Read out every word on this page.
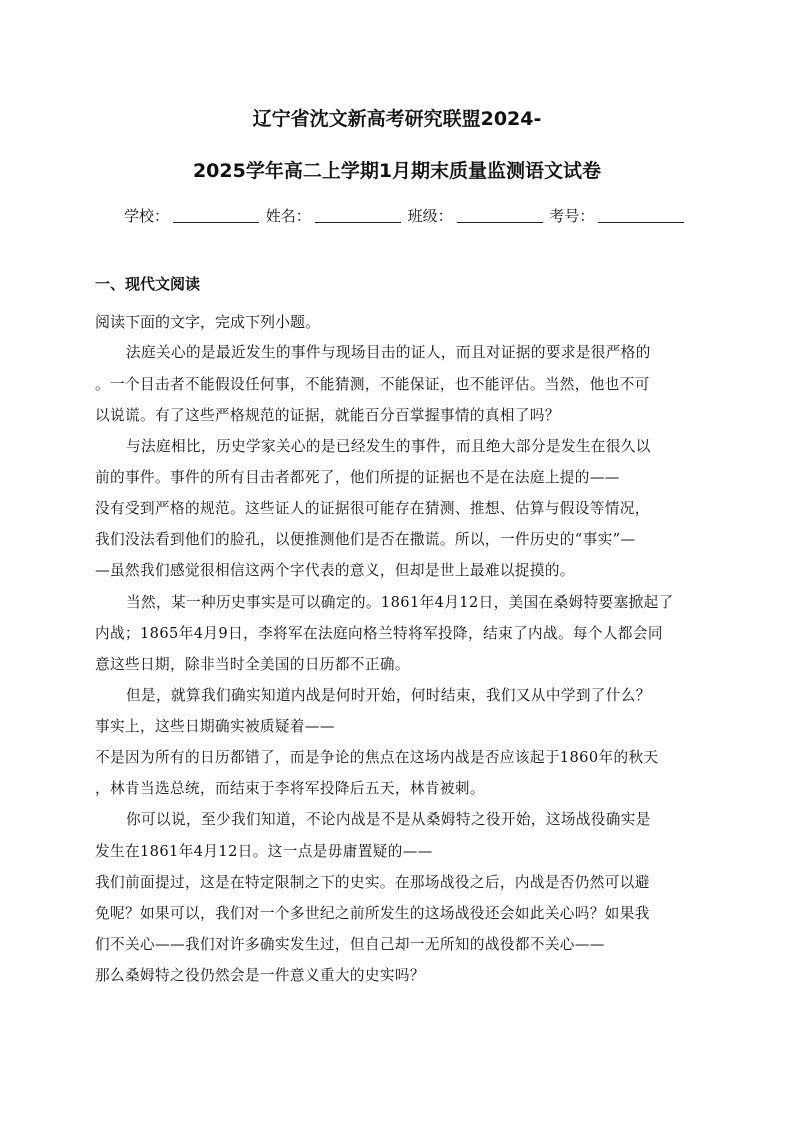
辽宁省沈文新高考研究联盟2024-
2025学年高二上学期1月期末质量监测语文试卷
学校：	姓名：	班级：	考号：
一、现代文阅读
阅读下面的文字，完成下列小题。
法庭关心的是最近发生的事件与现场目击的证人，而且对证据的要求是很严格的
。一个目击者不能假设任何事，不能猜测，不能保证，也不能评估。当然，他也不可
以说谎。有了这些严格规范的证据，就能百分百掌握事情的真相了吗？
与法庭相比，历史学家关心的是已经发生的事件，而且绝大部分是发生在很久以
前的事件。事件的所有目击者都死了，他们所提的证据也不是在法庭上提的——
没有受到严格的规范。这些证人的证据很可能存在猜测、推想、估算与假设等情况，
我们没法看到他们的脸孔，以便推测他们是否在撒谎。所以，一件历史的“事实”—
—虽然我们感觉很相信这两个字代表的意义，但却是世上最难以捉摸的。
当然，某一种历史事实是可以确定的。1861年4月12日，美国在桑姆特要塞掀起了
内战；1865年4月9日，李将军在法庭向格兰特将军投降，结束了内战。每个人都会同
意这些日期，除非当时全美国的日历都不正确。
但是，就算我们确实知道内战是何时开始，何时结束，我们又从中学到了什么？
事实上，这些日期确实被质疑着——
不是因为所有的日历都错了，而是争论的焦点在这场内战是否应该起于1860年的秋天
，林肯当选总统，而结束于李将军投降后五天，林肯被刺。
你可以说，至少我们知道，不论内战是不是从桑姆特之役开始，这场战役确实是
发生在1861年4月12日。这一点是毋庸置疑的——
我们前面提过，这是在特定限制之下的史实。在那场战役之后，内战是否仍然可以避
免呢？如果可以，我们对一个多世纪之前所发生的这场战役还会如此关心吗？如果我
们不关心——我们对许多确实发生过，但自己却一无所知的战役都不关心——
那么桑姆特之役仍然会是一件意义重大的史实吗？
